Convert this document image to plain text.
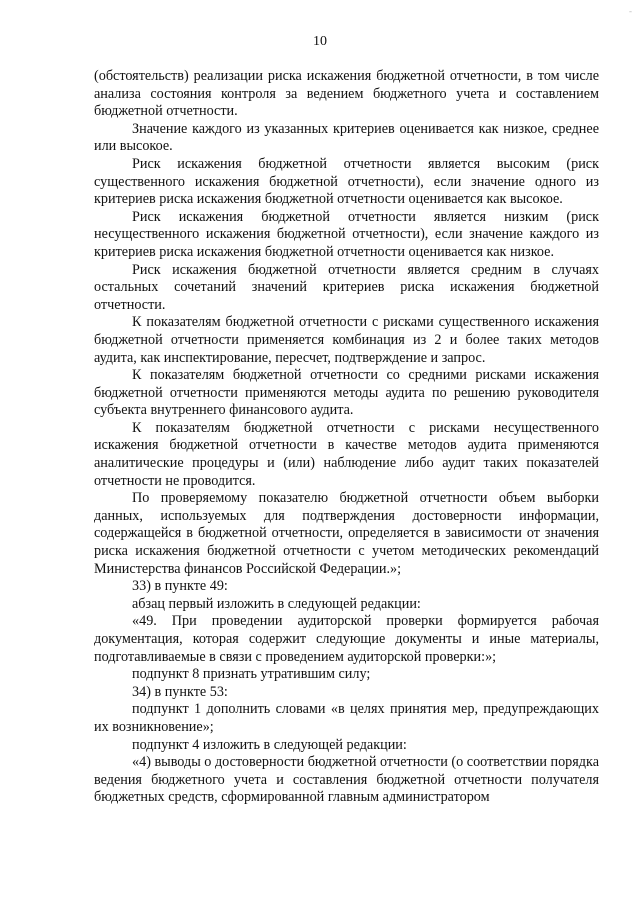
-
10

(обстоятельств) реализации риска искажения бюджетной отчетности, в том числе анализа состояния контроля за ведением бюджетного учета и составлением бюджетной отчетности.

Значение каждого из указанных критериев оценивается как низкое, среднее или высокое.

Риск искажения бюджетной отчетности является высоким (риск существенного искажения бюджетной отчетности), если значение одного из критериев риска искажения бюджетной отчетности оценивается как высокое.

Риск искажения бюджетной отчетности является низким (риск несущественного искажения бюджетной отчетности), если значение каждого из критериев риска искажения бюджетной отчетности оценивается как низкое.

Риск искажения бюджетной отчетности является средним в случаях остальных сочетаний значений критериев риска искажения бюджетной отчетности.

К показателям бюджетной отчетности с рисками существенного искажения бюджетной отчетности применяется комбинация из 2 и более таких методов аудита, как инспектирование, пересчет, подтверждение и запрос.

К показателям бюджетной отчетности со средними рисками искажения бюджетной отчетности применяются методы аудита по решению руководителя субъекта внутреннего финансового аудита.

К показателям бюджетной отчетности с рисками несущественного искажения бюджетной отчетности в качестве методов аудита применяются аналитические процедуры и (или) наблюдение либо аудит таких показателей отчетности не проводится.

По проверяемому показателю бюджетной отчетности объем выборки данных, используемых для подтверждения достоверности информации, содержащейся в бюджетной отчетности, определяется в зависимости от значения риска искажения бюджетной отчетности с учетом методических рекомендаций Министерства финансов Российской Федерации.»;

33) в пункте 49:

абзац первый изложить в следующей редакции:

«49. При проведении аудиторской проверки формируется рабочая документация, которая содержит следующие документы и иные материалы, подготавливаемые в связи с проведением аудиторской проверки:»;

подпункт 8 признать утратившим силу;

34) в пункте 53:

подпункт 1 дополнить словами «в целях принятия мер, предупреждающих их возникновение»;

подпункт 4 изложить в следующей редакции:

«4) выводы о достоверности бюджетной отчетности (о соответствии порядка ведения бюджетного учета и составления бюджетной отчетности получателя бюджетных средств, сформированной главным администратором
